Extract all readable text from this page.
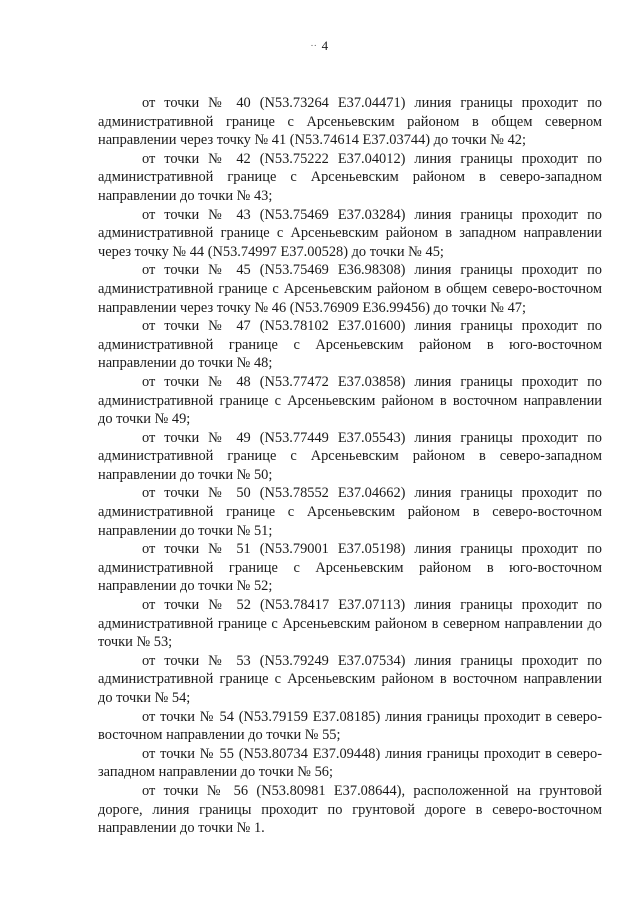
.. 4

от точки № 40 (N53.73264 E37.04471) линия границы проходит по административной границе с Арсеньевским районом в общем северном направлении через точку № 41 (N53.74614 E37.03744) до точки № 42;

от точки № 42 (N53.75222 E37.04012) линия границы проходит по административной границе с Арсеньевским районом в северо-западном направлении до точки № 43;

от точки № 43 (N53.75469 E37.03284) линия границы проходит по административной границе с Арсеньевским районом в западном направлении через точку № 44 (N53.74997 E37.00528) до точки № 45;

от точки № 45 (N53.75469 E36.98308) линия границы проходит по административной границе с Арсеньевским районом в общем северо-восточном направлении через точку № 46 (N53.76909 E36.99456) до точки № 47;

от точки № 47 (N53.78102 E37.01600) линия границы проходит по административной границе с Арсеньевским районом в юго-восточном направлении до точки № 48;

от точки № 48 (N53.77472 E37.03858) линия границы проходит по административной границе с Арсеньевским районом в восточном направлении до точки № 49;

от точки № 49 (N53.77449 E37.05543) линия границы проходит по административной границе с Арсеньевским районом в северо-западном направлении до точки № 50;

от точки № 50 (N53.78552 E37.04662) линия границы проходит по административной границе с Арсеньевским районом в северо-восточном направлении до точки № 51;

от точки № 51 (N53.79001 E37.05198) линия границы проходит по административной границе с Арсеньевским районом в юго-восточном направлении до точки № 52;

от точки № 52 (N53.78417 E37.07113) линия границы проходит по административной границе с Арсеньевским районом в северном направлении до точки № 53;

от точки № 53 (N53.79249 E37.07534) линия границы проходит по административной границе с Арсеньевским районом в восточном направлении до точки № 54;

от точки № 54 (N53.79159 E37.08185) линия границы проходит в северо-восточном направлении до точки № 55;

от точки № 55 (N53.80734 E37.09448) линия границы проходит в северо-западном направлении до точки № 56;

от точки № 56 (N53.80981 E37.08644), расположенной на грунтовой дороге, линия границы проходит по грунтовой дороге в северо-восточном направлении до точки № 1.
